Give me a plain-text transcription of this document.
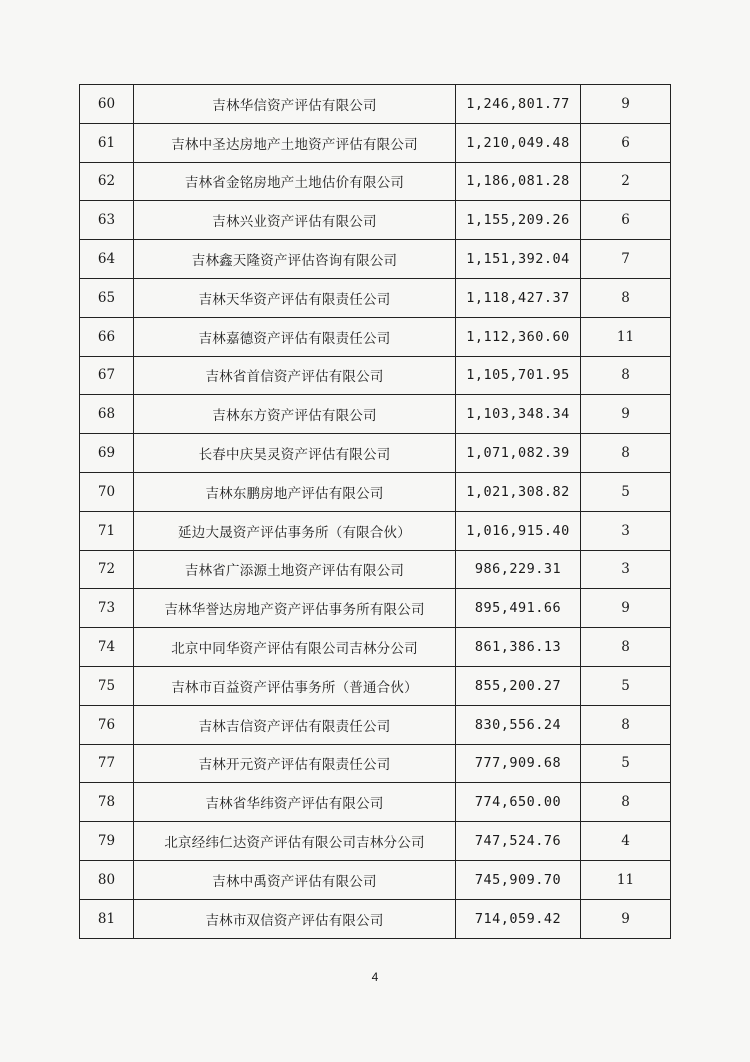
60	吉林华信资产评估有限公司	1,246,801.77	9
61	吉林中圣达房地产土地资产评估有限公司	1,210,049.48	6
62	吉林省金铭房地产土地估价有限公司	1,186,081.28	2
63	吉林兴业资产评估有限公司	1,155,209.26	6
64	吉林鑫天隆资产评估咨询有限公司	1,151,392.04	7
65	吉林天华资产评估有限责任公司	1,118,427.37	8
66	吉林嘉德资产评估有限责任公司	1,112,360.60	11
67	吉林省首信资产评估有限公司	1,105,701.95	8
68	吉林东方资产评估有限公司	1,103,348.34	9
69	长春中庆昊灵资产评估有限公司	1,071,082.39	8
70	吉林东鹏房地产评估有限公司	1,021,308.82	5
71	延边大晟资产评估事务所（有限合伙）	1,016,915.40	3
72	吉林省广添源土地资产评估有限公司	986,229.31	3
73	吉林华誉达房地产资产评估事务所有限公司	895,491.66	9
74	北京中同华资产评估有限公司吉林分公司	861,386.13	8
75	吉林市百益资产评估事务所（普通合伙）	855,200.27	5
76	吉林吉信资产评估有限责任公司	830,556.24	8
77	吉林开元资产评估有限责任公司	777,909.68	5
78	吉林省华纬资产评估有限公司	774,650.00	8
79	北京经纬仁达资产评估有限公司吉林分公司	747,524.76	4
80	吉林中禹资产评估有限公司	745,909.70	11
81	吉林市双信资产评估有限公司	714,059.42	9
4
